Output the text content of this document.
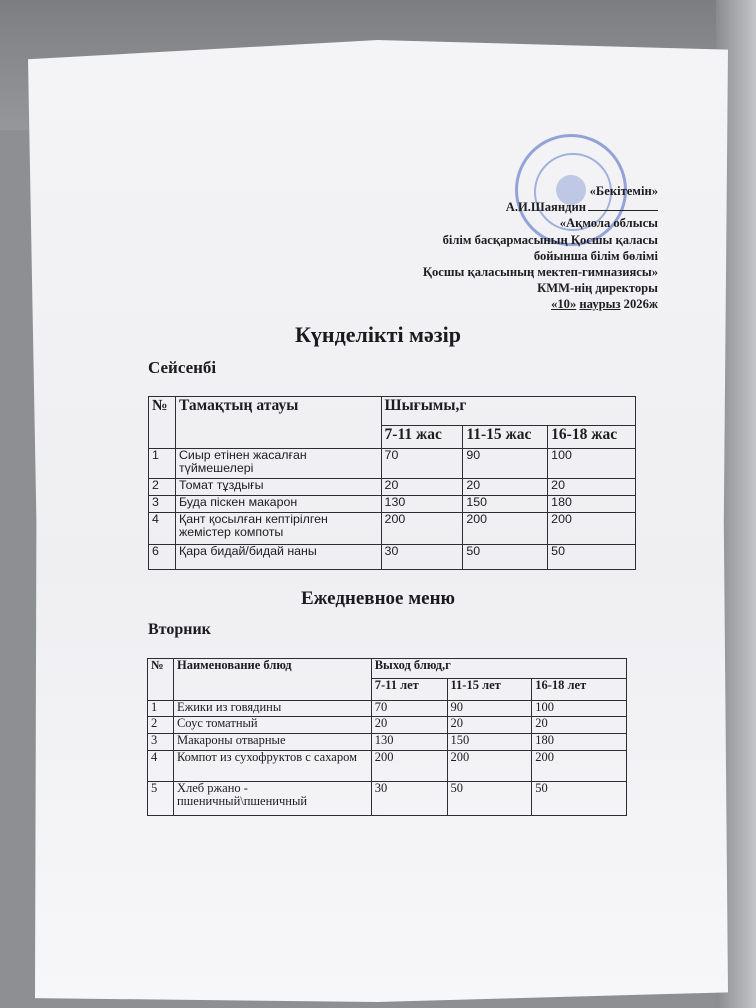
«Бекітемін»
А.И.Шаяндин
«Ақмола облысы
білім басқармасының Қосшы қаласы
бойынша білім бөлімі
Қосшы қаласының мектеп-гимназиясы»
КММ-нің директоры
«10» наурыз 2026ж
Күнделікті мәзір
Сейсенбі
№	Тамақтың атауы	Шығымы,г		
		7-11 жас	11-15 жас	16-18 жас
1	Сиыр етінен жасалған түймешелері	70	90	100
2	Томат тұздығы	20	20	20
3	Буда піскен макарон	130	150	180
4	Қант қосылған кептірілген жемістер компоты	200	200	200
6	Қара бидай/бидай наны	30	50	50
Ежедневное меню
Вторник
№	Наименование блюд	Выход блюд,г		
		7-11 лет	11-15 лет	16-18 лет
1	Ежики из говядины	70	90	100
2	Соус томатный	20	20	20
3	Макароны отварные	130	150	180
4	Компот из сухофруктов с сахаром	200	200	200
5	Хлеб ржано - пшеничный\пшеничный	30	50	50
